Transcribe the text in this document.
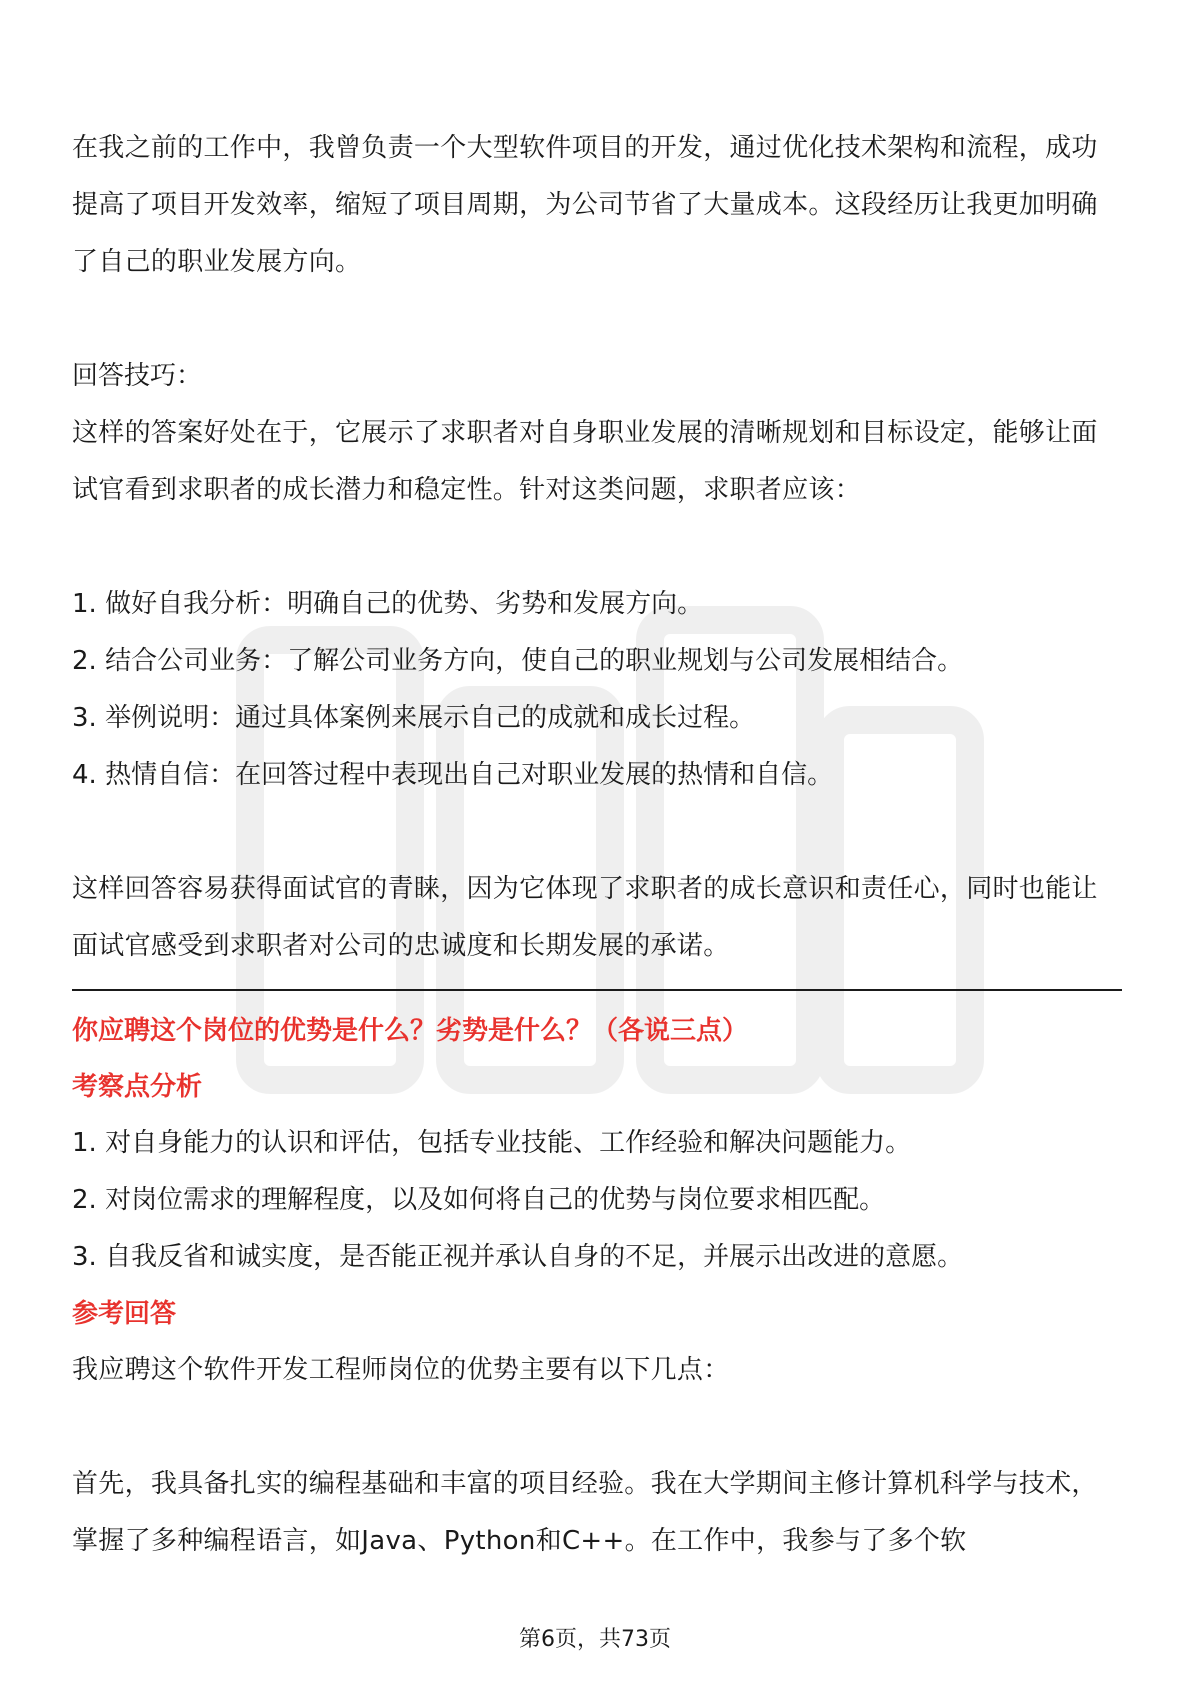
在我之前的工作中，我曾负责一个大型软件项目的开发，通过优化技术架构和流程，成功提高了项目开发效率，缩短了项目周期，为公司节省了大量成本。这段经历让我更加明确了自己的职业发展方向。

回答技巧：

这样的答案好处在于，它展示了求职者对自身职业发展的清晰规划和目标设定，能够让面试官看到求职者的成长潜力和稳定性。针对这类问题，求职者应该：

1. 做好自我分析：明确自己的优势、劣势和发展方向。

2. 结合公司业务：了解公司业务方向，使自己的职业规划与公司发展相结合。

3. 举例说明：通过具体案例来展示自己的成就和成长过程。

4. 热情自信：在回答过程中表现出自己对职业发展的热情和自信。

这样回答容易获得面试官的青睐，因为它体现了求职者的成长意识和责任心，同时也能让面试官感受到求职者对公司的忠诚度和长期发展的承诺。

你应聘这个岗位的优势是什么？劣势是什么？（各说三点）

考察点分析

1. 对自身能力的认识和评估，包括专业技能、工作经验和解决问题能力。

2. 对岗位需求的理解程度，以及如何将自己的优势与岗位要求相匹配。

3. 自我反省和诚实度，是否能正视并承认自身的不足，并展示出改进的意愿。

参考回答

我应聘这个软件开发工程师岗位的优势主要有以下几点：

首先，我具备扎实的编程基础和丰富的项目经验。我在大学期间主修计算机科学与技术，掌握了多种编程语言，如Java、Python和C++。在工作中，我参与了多个软

第6页，共73页
